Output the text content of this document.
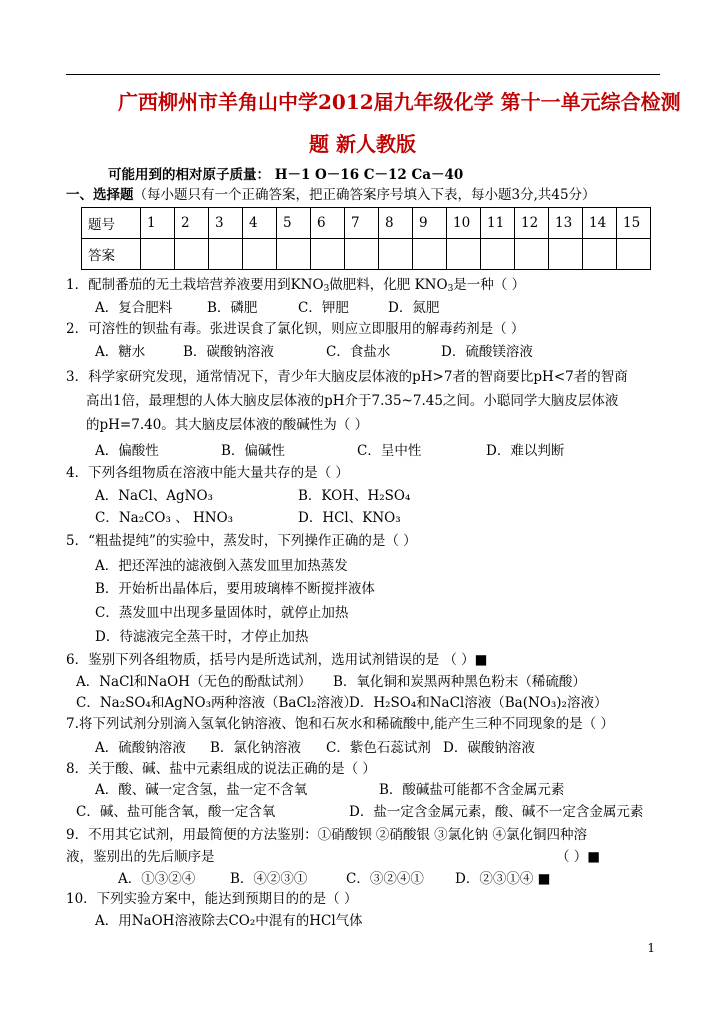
广西柳州市羊角山中学2012届九年级化学 第十一单元综合检测
题 新人教版
可能用到的相对原子质量： H－1 O－16 C－12 Ca－40
一、选择题（每小题只有一个正确答案，把正确答案序号填入下表，每小题3分,共45分）
题号	1	2	3	4	5	6	7	8	9	10	11	12	13	14	15
答案															
1．配制番茄的无土栽培营养液要用到$KNO_3$做肥料，化肥 $KNO_3$是一种（ ）
A．复合肥料	B．磷肥	C．钾肥	D．氮肥
2．可溶性的钡盐有毒。张进误食了氯化钡，则应立即服用的解毒药剂是（ ）
A．糖水	B．碳酸钠溶液	C．食盐水	D．硫酸镁溶液
3．科学家研究发现，通常情况下，青少年大脑皮层体液的pH>7者的智商要比pH<7者的智商
高出1倍，最理想的人体大脑皮层体液的pH介于7.35~7.45之间。小聪同学大脑皮层体液
的pH=7.40。其大脑皮层体液的酸碱性为（ ）
A．偏酸性	B．偏碱性	C．呈中性	D．难以判断
4．下列各组物质在溶液中能大量共存的是（ ）
A．NaCl、AgNO₃	B．KOH、H₂SO₄
C．Na₂CO₃ 、 HNO₃	D．HCl、KNO₃
5．“粗盐提纯”的实验中，蒸发时，下列操作正确的是（ ）
A．把还浑浊的滤液倒入蒸发皿里加热蒸发
B．开始析出晶体后，要用玻璃棒不断搅拌液体
C．蒸发皿中出现多量固体时，就停止加热
D．待滤液完全蒸干时，才停止加热
6．鉴别下列各组物质，括号内是所选试剂，选用试剂错误的是 （ ）■
A．NaCl和NaOH（无色的酚酞试剂） B．氧化铜和炭黑两种黑色粉末（稀硫酸）
C．Na₂SO₄和AgNO₃两种溶液（BaCl₂溶液）
D．H₂SO₄和NaCl溶液（Ba(NO₃)₂溶液）
7.将下列试剂分别滴入氢氧化钠溶液、饱和石灰水和稀硫酸中,能产生三种不同现象的是（ ）
A．硫酸钠溶液 B．氯化钠溶液 C．紫色石蕊试剂 D．碳酸钠溶液
8．关于酸、碱、盐中元素组成的说法正确的是（ ）
A．酸、碱一定含氢，盐一定不含氧	B．酸碱盐可能都不含金属元素
C．碱、盐可能含氧，酸一定含氧	D．盐一定含金属元素，酸、碱不一定含金属元素
9．不用其它试剂，用最简便的方法鉴别：①硝酸钡 ②硝酸银 ③氯化钠 ④氯化铜四种溶
液，鉴别出的先后顺序是	（ ）■
A．①③②④	B．④②③①	C．③②④① D．②③①④ ■
10．下列实验方案中，能达到预期目的的是（ ）
A．用NaOH溶液除去CO₂中混有的HCl气体
1
